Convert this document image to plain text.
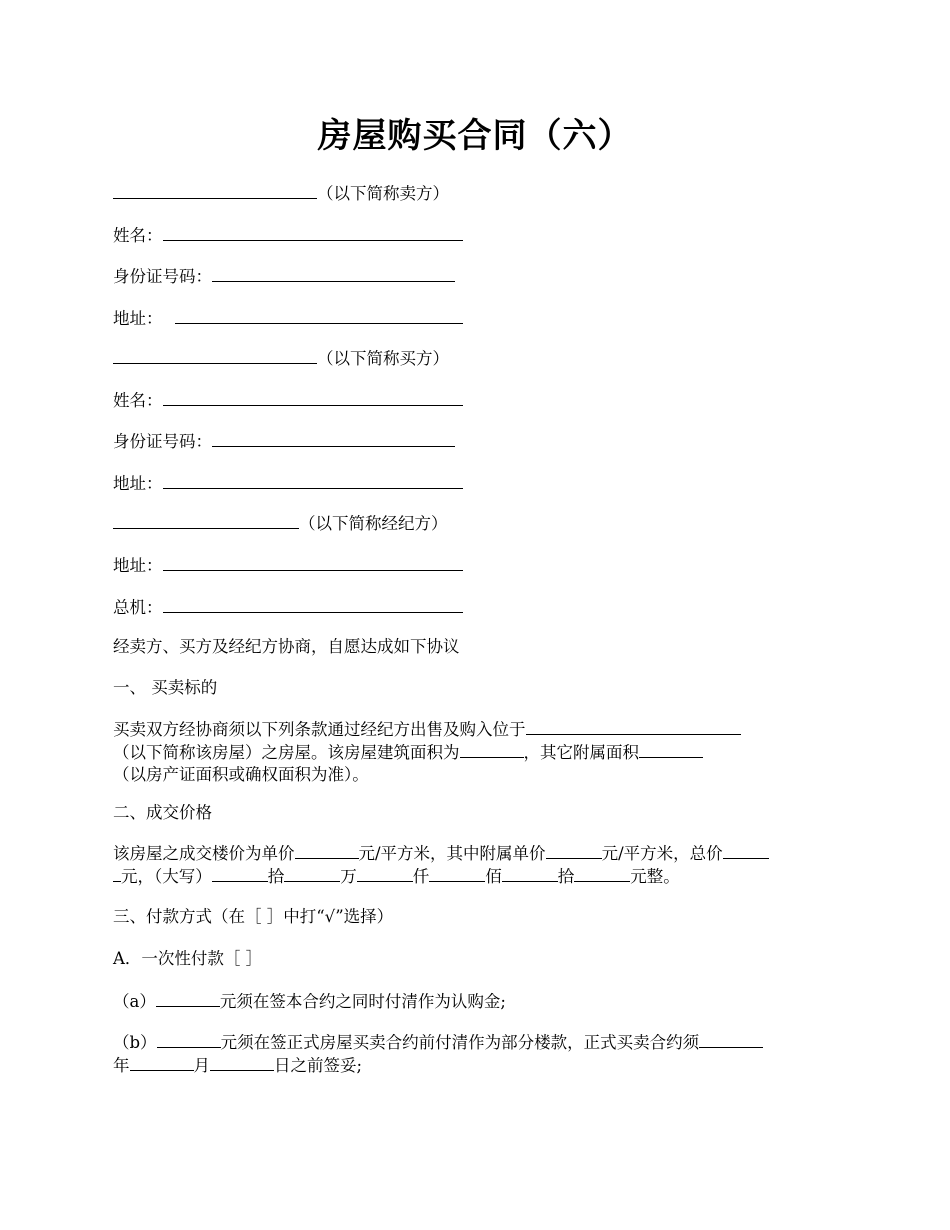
房屋购买合同（六）
（以下简称卖方）
姓名：
身份证号码：
地址：
（以下简称买方）
姓名：
身份证号码：
地址：
（以下简称经纪方）
地址：
总机：
经卖方、买方及经纪方协商，自愿达成如下协议
一、 买卖标的
买卖双方经协商须以下列条款通过经纪方出售及购入位于
（以下简称该房屋）之房屋。该房屋建筑面积为	，其它附属面积
（以房产证面积或确权面积为准）。
二、成交价格
该房屋之成交楼价为单价	元/平方米，其中附属单价	元/平方米，总价
元，（大写）	拾	万	仟	佰	拾	元整。
三、付款方式（在［ ］中打“√”选择）
A．一次性付款［ ］
（a）	元须在签本合约之同时付清作为认购金;
（b）	元须在签正式房屋买卖合约前付清作为部分楼款，正式买卖合约须
年	月	日之前签妥;
